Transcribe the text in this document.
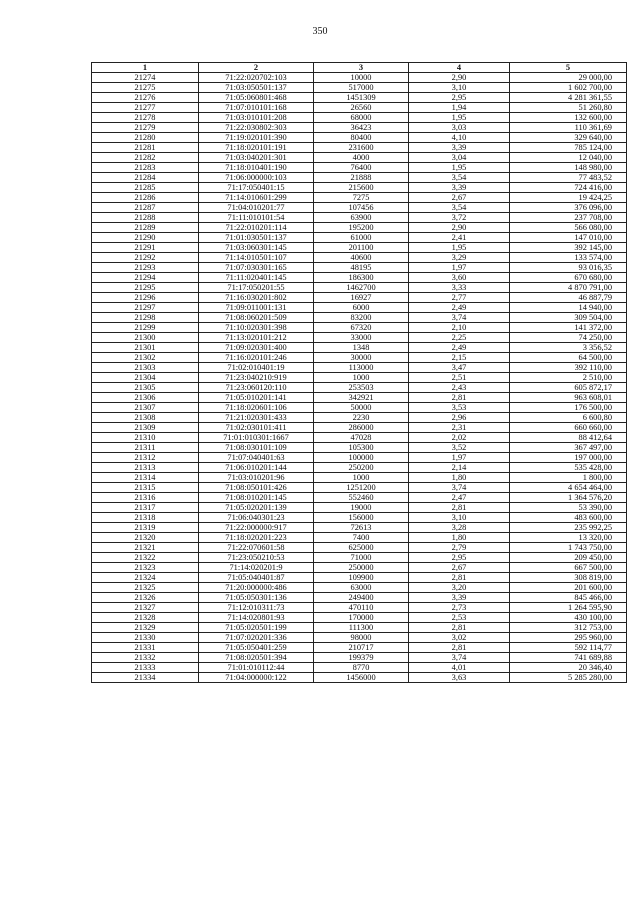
350
1	2	3	4	5
21274	71:22:020702:103	10000	2,90	29 000,00
21275	71:03:050501:137	517000	3,10	1 602 700,00
21276	71:05:060801:468	1451309	2,95	4 281 361,55
21277	71:07:010101:168	26560	1,94	51 260,80
21278	71:03:010101:208	68000	1,95	132 600,00
21279	71:22:030802:303	36423	3,03	110 361,69
21280	71:19:020101:390	80400	4,10	329 640,00
21281	71:18:020101:191	231600	3,39	785 124,00
21282	71:03:040201:301	4000	3,04	12 040,00
21283	71:18:010401:190	76400	1,95	148 980,00
21284	71:06:000000:103	21888	3,54	77 483,52
21285	71:17:050401:15	215600	3,39	724 416,00
21286	71:14:010601:299	7275	2,67	19 424,25
21287	71:04:010201:77	107456	3,54	376 096,00
21288	71:11:010101:54	63900	3,72	237 708,00
21289	71:22:010201:114	195200	2,90	566 080,00
21290	71:01:030501:137	61000	2,41	147 010,00
21291	71:03:060301:145	201100	1,95	392 145,00
21292	71:14:010501:107	40600	3,29	133 574,00
21293	71:07:030301:165	48195	1,97	93 016,35
21294	71:11:020401:145	186300	3,60	670 680,00
21295	71:17:050201:55	1462700	3,33	4 870 791,00
21296	71:16:030201:802	16927	2,77	46 887,79
21297	71:09:011001:131	6000	2,49	14 940,00
21298	71:08:060201:509	83200	3,74	309 504,00
21299	71:10:020301:398	67320	2,10	141 372,00
21300	71:13:020101:212	33000	2,25	74 250,00
21301	71:09:020301:400	1348	2,49	3 356,52
21302	71:16:020101:246	30000	2,15	64 500,00
21303	71:02:010401:19	113000	3,47	392 110,00
21304	71:23:040210:919	1000	2,51	2 510,00
21305	71:23:060120:110	253503	2,43	605 872,17
21306	71:05:010201:141	342921	2,81	963 608,01
21307	71:18:020601:106	50000	3,53	176 500,00
21308	71:21:020301:433	2230	2,96	6 600,80
21309	71:02:030101:411	286000	2,31	660 660,00
21310	71:01:010301:1667	47028	2,02	88 412,64
21311	71:08:030101:109	105300	3,52	367 497,00
21312	71:07:040401:63	100000	1,97	197 000,00
21313	71:06:010201:144	250200	2,14	535 428,00
21314	71:03:010201:96	1000	1,80	1 800,00
21315	71:08:050101:426	1251200	3,74	4 654 464,00
21316	71:08:010201:145	552460	2,47	1 364 576,20
21317	71:05:020201:139	19000	2,81	53 390,00
21318	71:06:040301:23	156000	3,10	483 600,00
21319	71:22:000000:917	72613	3,28	235 992,25
21320	71:18:020201:223	7400	1,80	13 320,00
21321	71:22:070601:58	625000	2,79	1 743 750,00
21322	71:23:050210:53	71000	2,95	209 450,00
21323	71:14:020201:9	250000	2,67	667 500,00
21324	71:05:040401:87	109900	2,81	308 819,00
21325	71:20:000000:486	63000	3,20	201 600,00
21326	71:05:050301:136	249400	3,39	845 466,00
21327	71:12:010311:73	470110	2,73	1 264 595,90
21328	71:14:020801:93	170000	2,53	430 100,00
21329	71:05:020501:199	111300	2,81	312 753,00
21330	71:07:020201:336	98000	3,02	295 960,00
21331	71:05:050401:259	210717	2,81	592 114,77
21332	71:08:020501:394	199379	3,74	741 689,88
21333	71:01:010112:44	8770	4,01	20 346,40
21334	71:04:000000:122	1456000	3,63	5 285 280,00
